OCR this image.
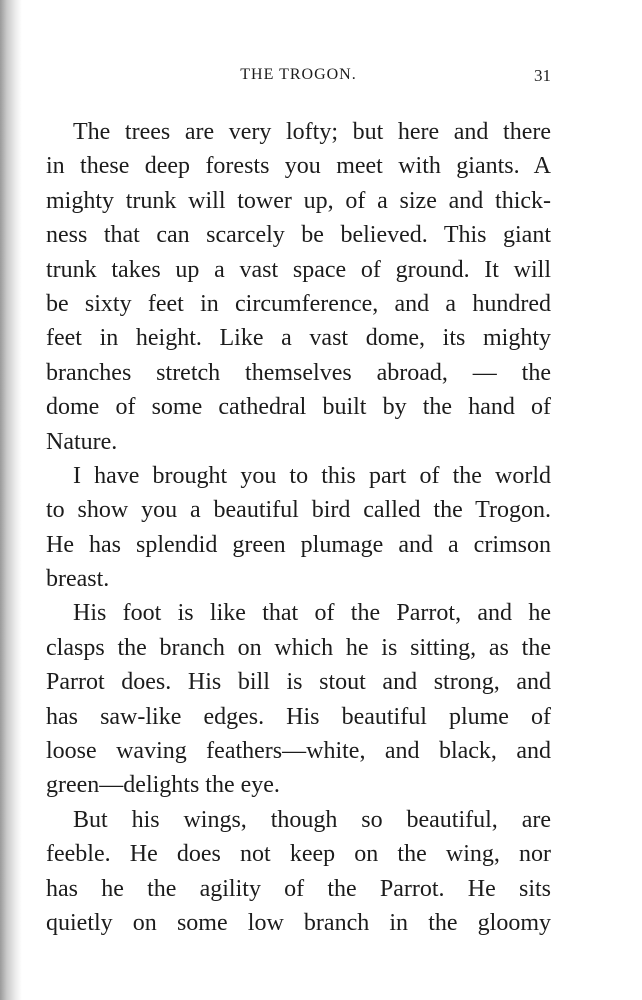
THE TROGON.	31
The trees are very lofty; but here and there
in these deep forests you meet with giants. A
mighty trunk will tower up, of a size and thick-
ness that can scarcely be believed. This giant
trunk takes up a vast space of ground. It will
be sixty feet in circumference, and a hundred
feet in height. Like a vast dome, its mighty
branches stretch themselves abroad, — the
dome of some cathedral built by the hand of
Nature.
I have brought you to this part of the world
to show you a beautiful bird called the Trogon.
He has splendid green plumage and a crimson
breast.
His foot is like that of the Parrot, and he
clasps the branch on which he is sitting, as the
Parrot does. His bill is stout and strong, and
has saw-like edges. His beautiful plume of
loose waving feathers—white, and black, and
green—delights the eye.
But his wings, though so beautiful, are
feeble. He does not keep on the wing, nor
has he the agility of the Parrot. He sits
quietly on some low branch in the gloomy
